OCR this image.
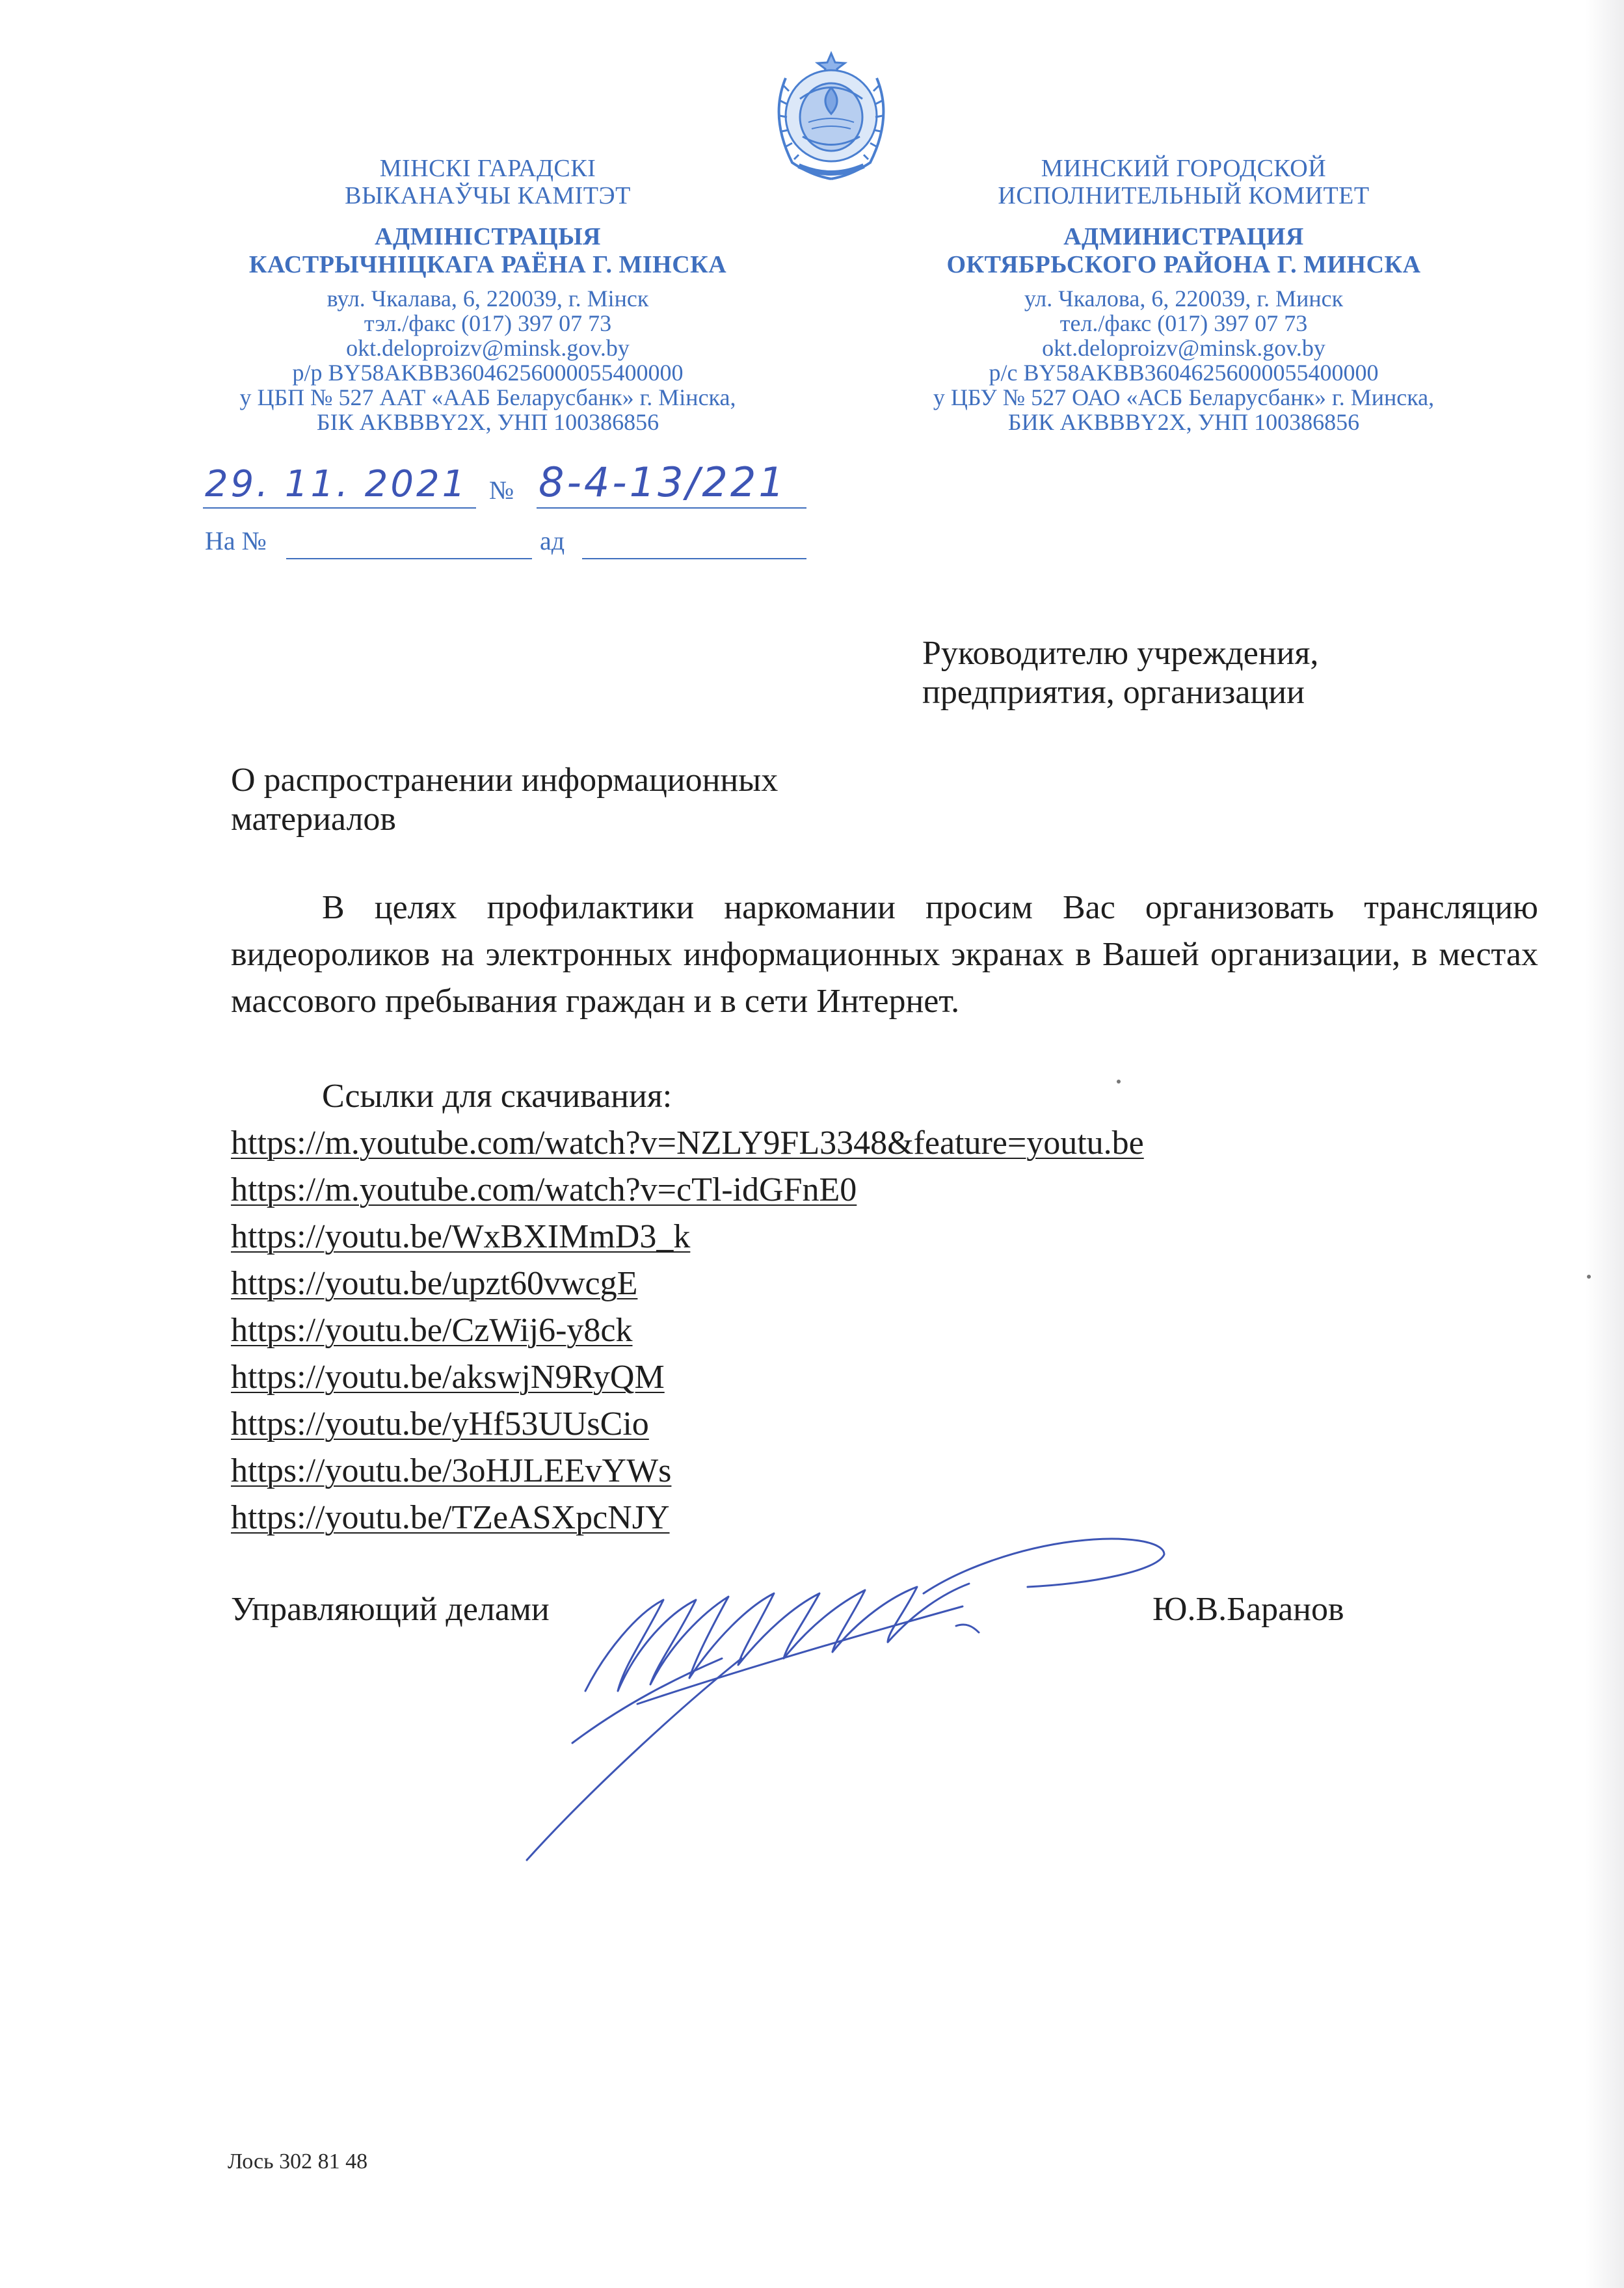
МІНСКІ ГАРАДСКІ
ВЫКАНАЎЧЫ КАМІТЭТ
АДМІНІСТРАЦЫЯ
КАСТРЫЧНІЦКАГА РАЁНА Г. МІНСКА
вул. Чкалава, 6, 220039, г. Мінск
тэл./факс (017) 397 07 73
okt.deloproizv@minsk.gov.by
р/р BY58AKBB36046256000055400000
у ЦБП № 527 ААТ «ААБ Беларусбанк» г. Мінска,
БІК AKBBBY2X, УНП 100386856
МИНСКИЙ ГОРОДСКОЙ
ИСПОЛНИТЕЛЬНЫЙ КОМИТЕТ
АДМИНИСТРАЦИЯ
ОКТЯБРЬСКОГО РАЙОНА Г. МИНСКА
ул. Чкалова, 6, 220039, г. Минск
тел./факс (017) 397 07 73
okt.deloproizv@minsk.gov.by
р/с BY58AKBB36046256000055400000
у ЦБУ № 527 ОАО «АСБ Беларусбанк» г. Минска,
БИК AKBBBY2X, УНП 100386856
29. 11. 2021 № 8-4-13/221
На №	ад
Руководителю учреждения,
предприятия, организации
О распространении информационных
материалов
В целях профилактики наркомании просим Вас организовать трансляцию видеороликов на электронных информационных экранах в Вашей организации, в местах массового пребывания граждан и в сети Интернет.
Ссылки для скачивания:
https://m.youtube.com/watch?v=NZLY9FL3348&feature=youtu.be
https://m.youtube.com/watch?v=cTl-idGFnE0
https://youtu.be/WxBXIMmD3_k
https://youtu.be/upzt60vwcgE
https://youtu.be/CzWij6-y8ck
https://youtu.be/akswjN9RyQM
https://youtu.be/yHf53UUsCio
https://youtu.be/3oHJLEEvYWs
https://youtu.be/TZeASXpcNJY
Управляющий делами	Ю.В.Баранов
Лось 302 81 48
